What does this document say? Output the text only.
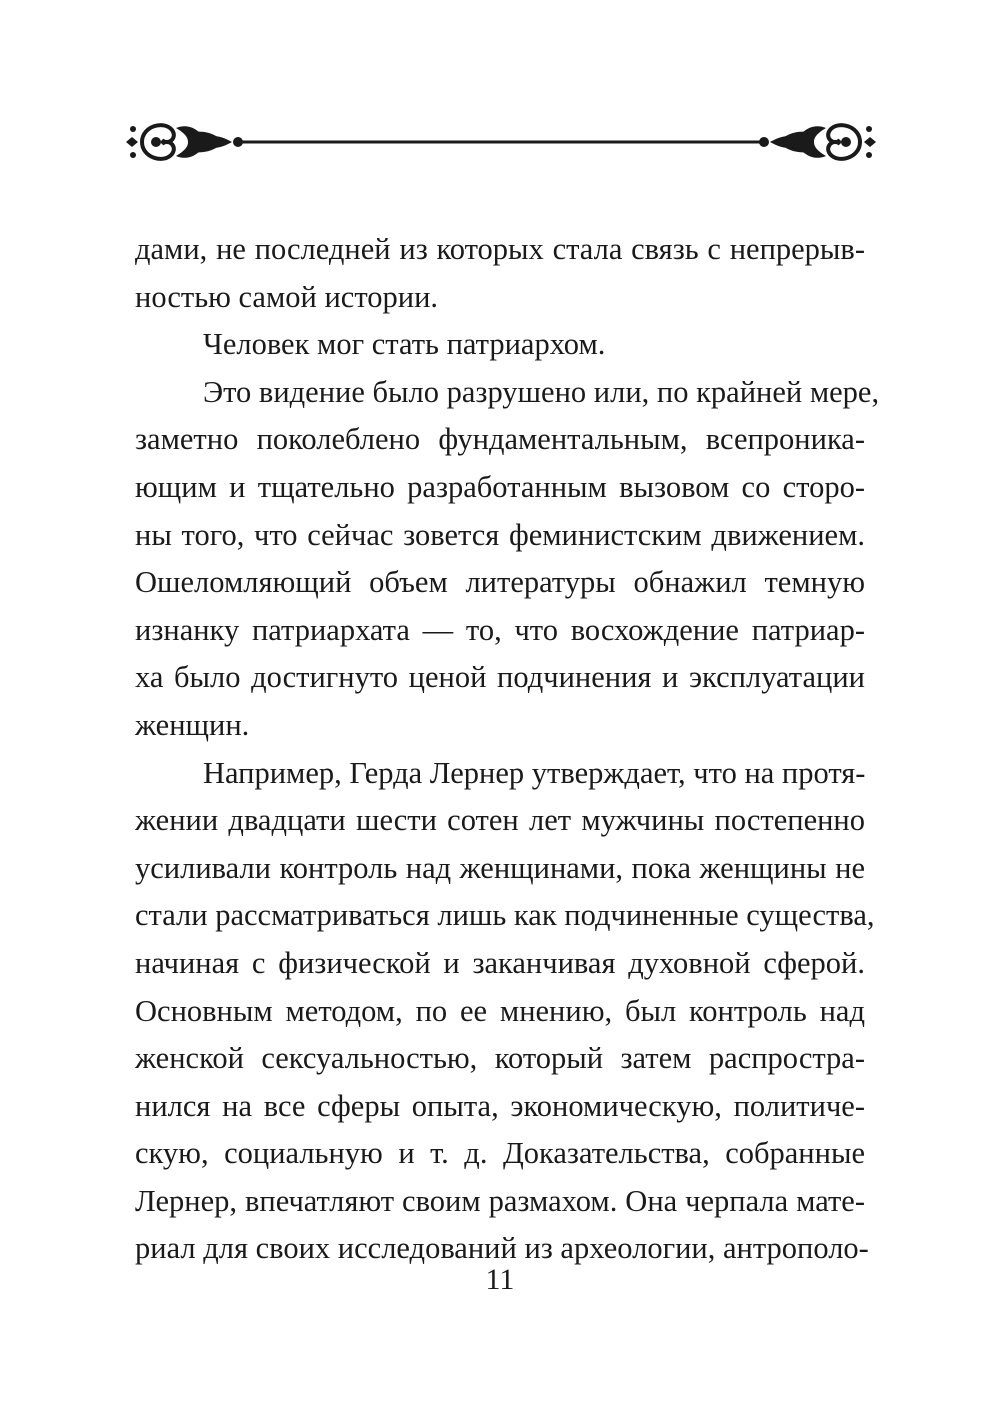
дами, не последней из которых стала связь с непрерыв-
ностью самой истории.
Человек мог стать патриархом.
Это видение было разрушено или, по крайней мере,
заметно поколеблено фундаментальным, всепроника-
ющим и тщательно разработанным вызовом со сторо-
ны того, что сейчас зовется феминистским движением.
Ошеломляющий объем литературы обнажил темную
изнанку патриархата — то, что восхождение патриар-
ха было достигнуто ценой подчинения и эксплуатации
женщин.
Например, Герда Лернер утверждает, что на протя-
жении двадцати шести сотен лет мужчины постепенно
усиливали контроль над женщинами, пока женщины не
стали рассматриваться лишь как подчиненные существа,
начиная с физической и заканчивая духовной сферой.
Основным методом, по ее мнению, был контроль над
женской сексуальностью, который затем распростра-
нился на все сферы опыта, экономическую, политиче-
скую, социальную и т. д. Доказательства, собранные
Лернер, впечатляют своим размахом. Она черпала мате-
риал для своих исследований из археологии, антрополо-
11
